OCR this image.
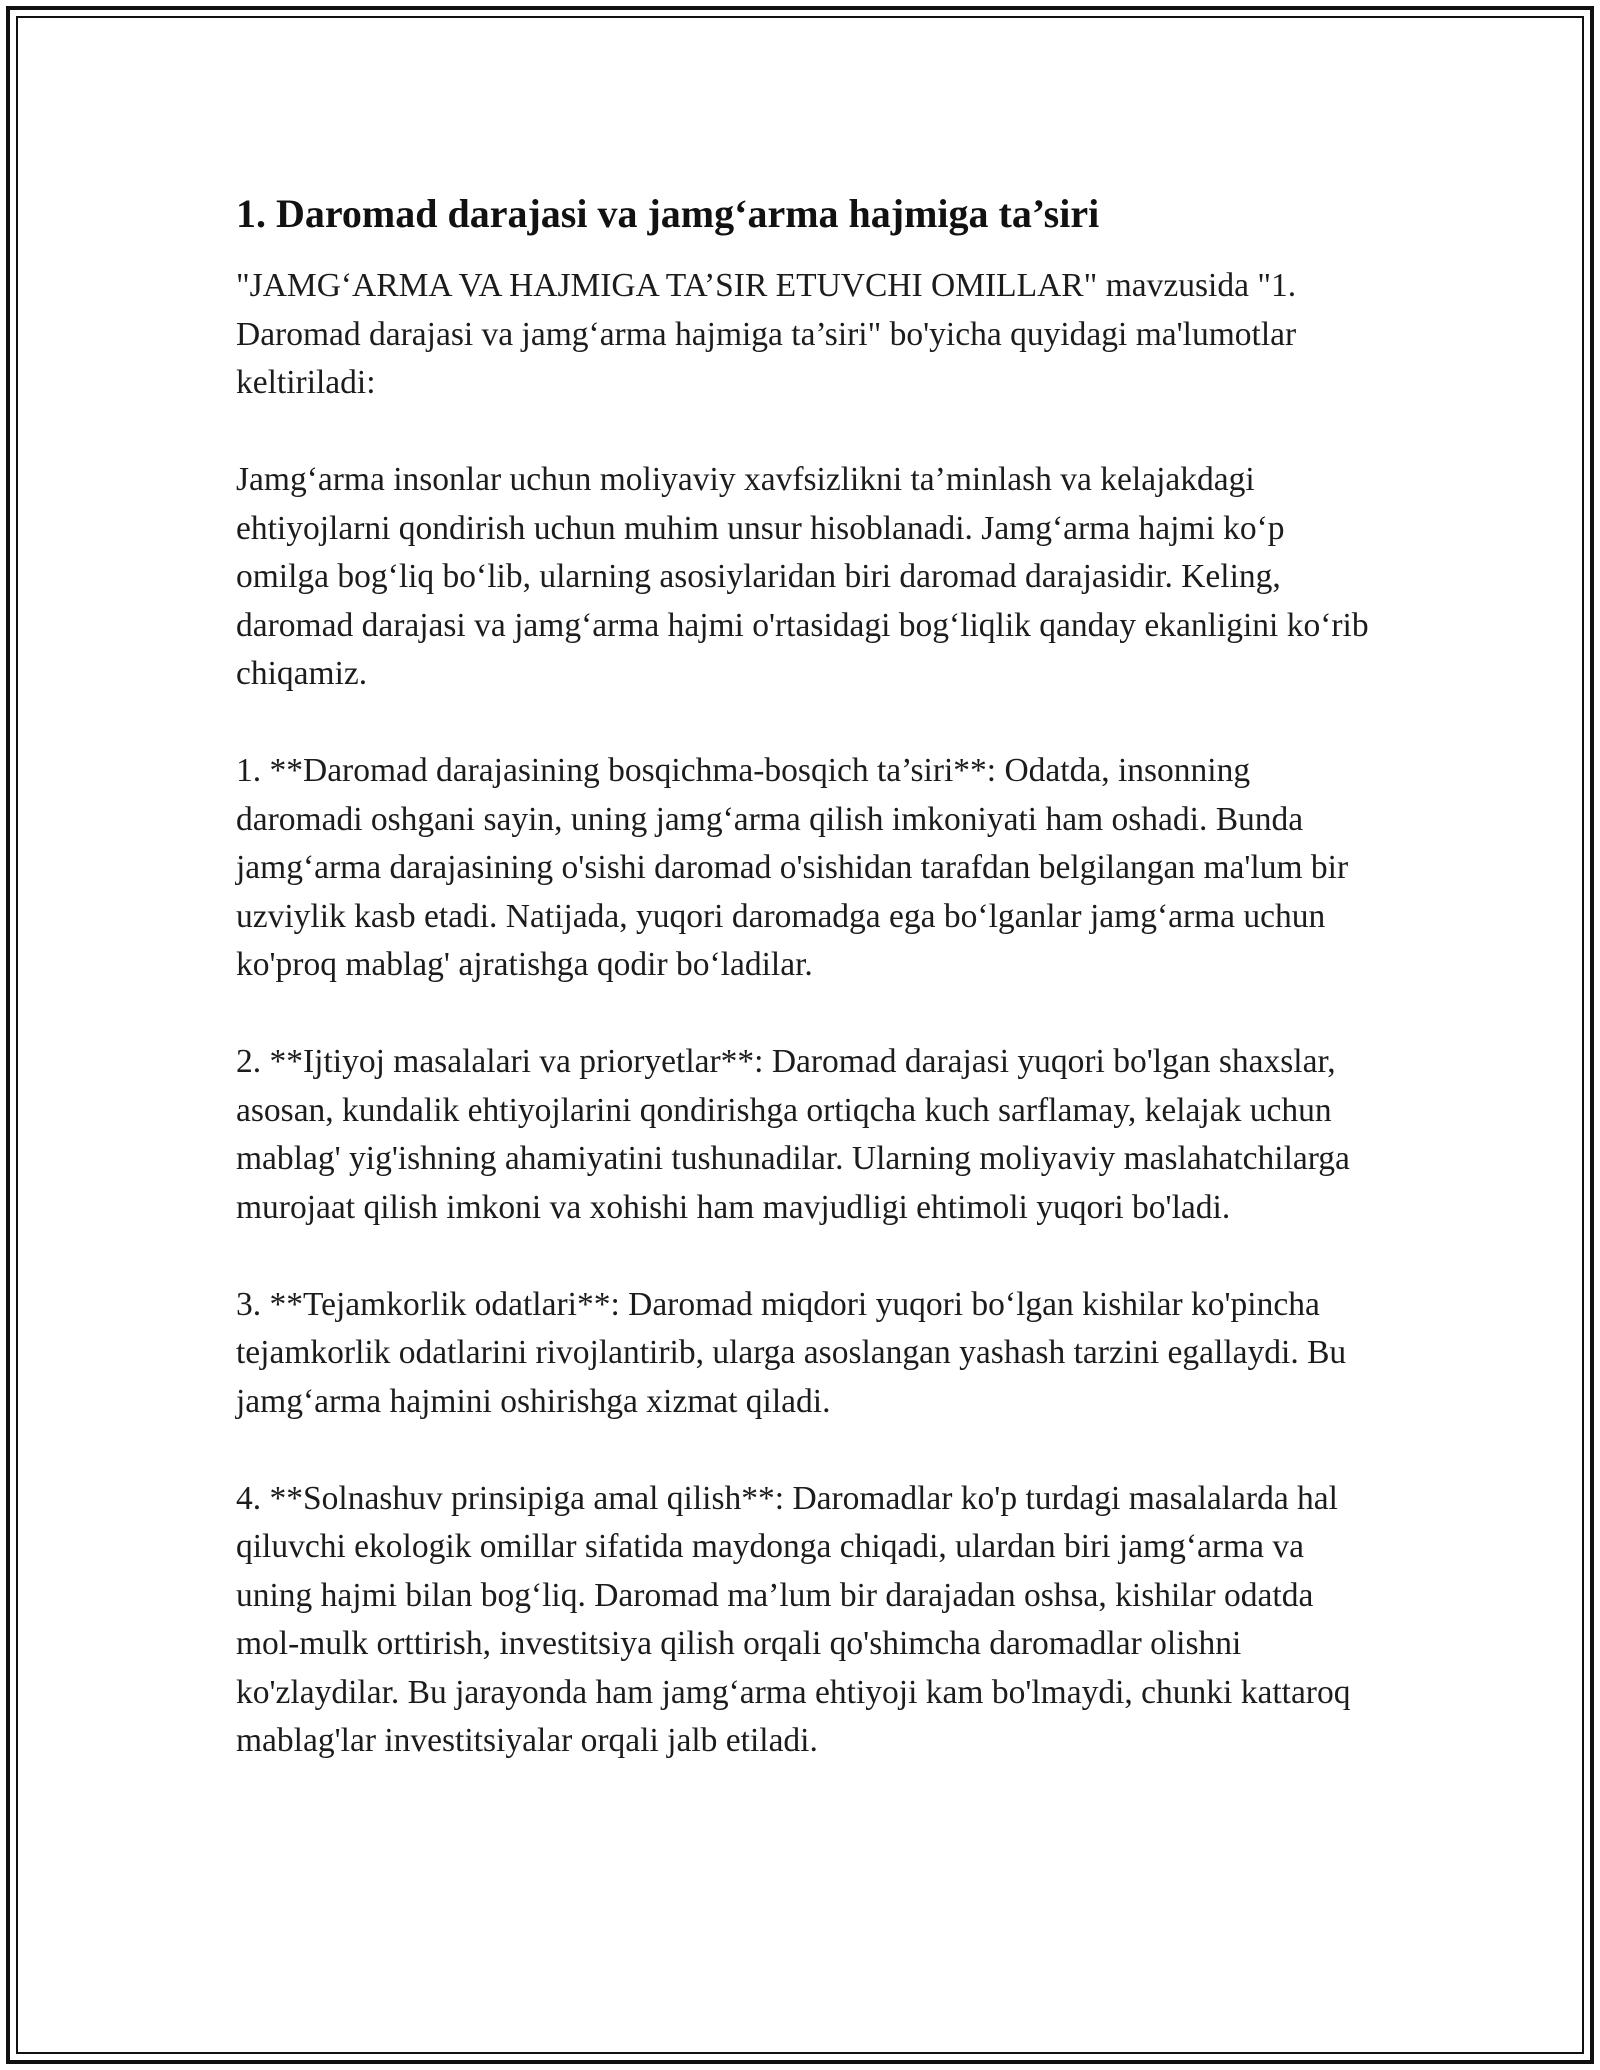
1. Daromad darajasi va jamg‘arma hajmiga ta’siri

"JAMG‘ARMA VA HAJMIGA TA’SIR ETUVCHI OMILLAR" mavzusida "1. Daromad darajasi va jamg‘arma hajmiga ta’siri" bo'yicha quyidagi ma'lumotlar keltiriladi:

Jamg‘arma insonlar uchun moliyaviy xavfsizlikni ta’minlash va kelajakdagi ehtiyojlarni qondirish uchun muhim unsur hisoblanadi. Jamg‘arma hajmi ko‘p omilga bog‘liq bo‘lib, ularning asosiylaridan biri daromad darajasidir. Keling, daromad darajasi va jamg‘arma hajmi o'rtasidagi bog‘liqlik qanday ekanligini ko‘rib chiqamiz.

1. **Daromad darajasining bosqichma-bosqich ta’siri**: Odatda, insonning daromadi oshgani sayin, uning jamg‘arma qilish imkoniyati ham oshadi. Bunda jamg‘arma darajasining o'sishi daromad o'sishidan tarafdan belgilangan ma'lum bir uzviylik kasb etadi. Natijada, yuqori daromadga ega bo‘lganlar jamg‘arma uchun ko'proq mablag' ajratishga qodir bo‘ladilar.

2. **Ijtiyoj masalalari va prioryetlar**: Daromad darajasi yuqori bo'lgan shaxslar, asosan, kundalik ehtiyojlarini qondirishga ortiqcha kuch sarflamay, kelajak uchun mablag' yig'ishning ahamiyatini tushunadilar. Ularning moliyaviy maslahatchilarga murojaat qilish imkoni va xohishi ham mavjudligi ehtimoli yuqori bo'ladi.

3. **Tejamkorlik odatlari**: Daromad miqdori yuqori bo‘lgan kishilar ko'pincha tejamkorlik odatlarini rivojlantirib, ularga asoslangan yashash tarzini egallaydi. Bu jamg‘arma hajmini oshirishga xizmat qiladi.

4. **Solnashuv prinsipiga amal qilish**: Daromadlar ko'p turdagi masalalarda hal qiluvchi ekologik omillar sifatida maydonga chiqadi, ulardan biri jamg‘arma va uning hajmi bilan bog‘liq. Daromad ma’lum bir darajadan oshsa, kishilar odatda mol-mulk orttirish, investitsiya qilish orqali qo'shimcha daromadlar olishni ko'zlaydilar. Bu jarayonda ham jamg‘arma ehtiyoji kam bo'lmaydi, chunki kattaroq mablag'lar investitsiyalar orqali jalb etiladi.
